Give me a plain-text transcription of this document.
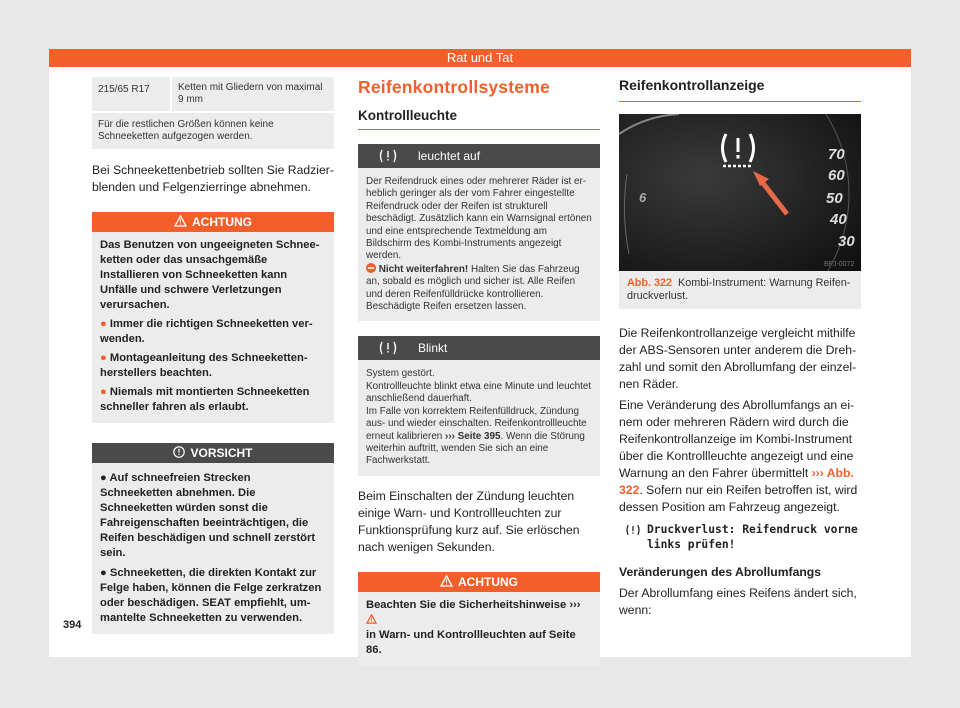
Rat und Tat
215/65 R17	Ketten mit Gliedern von maximal 9 mm
Für die restlichen Größen können keine Schneeketten aufgezogen werden.

Bei Schneekettenbetrieb sollten Sie Radzierblenden und Felgenzierringe abnehmen.

ACHTUNG

Das Benutzen von ungeeigneten Schneeketten oder das unsachgemäße Installieren von Schneeketten kann Unfälle und schwere Verletzungen verursachen.

● Immer die richtigen Schneeketten verwenden.

● Montageanleitung des Schneekettenherstellers beachten.

● Niemals mit montierten Schneeketten schneller fahren als erlaubt.

VORSICHT

● Auf schneefreien Strecken Schneeketten abnehmen. Die Schneeketten würden sonst die Fahreigenschaften beeinträchtigen, die Reifen beschädigen und schnell zerstört sein.

● Schneeketten, die direkten Kontakt zur Felge haben, können die Felge zerkratzen oder beschädigen. SEAT empfiehlt, ummantelte Schneeketten zu verwenden.

Reifenkontrollsysteme
Kontrollleuchte
leuchtet auf

Der Reifendruck eines oder mehrerer Räder ist erheblich geringer als der vom Fahrer eingestellte Reifendruck oder der Reifen ist strukturell beschädigt. Zusätzlich kann ein Warnsignal ertönen und eine entsprechende Textmeldung am Bildschirm des Kombi-Instruments angezeigt werden.

Nicht weiterfahren! Halten Sie das Fahrzeug an, sobald es möglich und sicher ist. Alle Reifen und deren Reifenfülldrücke kontrollieren. Beschädigte Reifen ersetzen lassen.

Blinkt

System gestört.

Kontrollleuchte blinkt etwa eine Minute und leuchtet anschließend dauerhaft.

Im Falle von korrektem Reifenfülldruck, Zündung aus- und wieder einschalten. Reifenkontrollleuchte erneut kalibrieren ››› Seite 395. Wenn die Störung weiterhin auftritt, wenden Sie sich an eine Fachwerkstatt.

Beim Einschalten der Zündung leuchten einige Warn- und Kontrollleuchten zur Funktionsprüfung kurz auf. Sie erlöschen nach wenigen Sekunden.

ACHTUNG
Beachten Sie die Sicherheitshinweise ›››
in Warn- und Kontrollleuchten auf Seite 86.
Reifenkontrollanzeige
70
60
50
40
30
6
BFJ-0072
Abb. 322 Kombi-Instrument: Warnung Reifendruckverlust.

Die Reifenkontrollanzeige vergleicht mithilfe der ABS-Sensoren unter anderem die Drehzahl und somit den Abrollumfang der einzelnen Räder.

Eine Veränderung des Abrollumfangs an einem oder mehreren Rädern wird durch die Reifenkontrollanzeige im Kombi-Instrument über die Kontrollleuchte angezeigt und eine Warnung an den Fahrer übermittelt ››› Abb. 322. Sofern nur ein Reifen betroffen ist, wird dessen Position am Fahrzeug angezeigt.

Druckverlust: Reifendruck vorne links prüfen!

Veränderungen des Abrollumfangs

Der Abrollumfang eines Reifens ändert sich, wenn:

394
